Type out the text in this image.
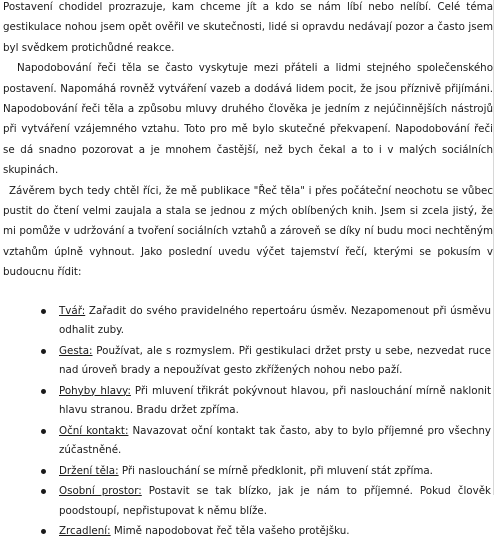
Postavení chodidel prozrazuje, kam chceme jít a kdo se nám líbí nebo nelíbí. Celé téma gestikulace nohou jsem opět ověřil ve skutečnosti, lidé si opravdu nedávají pozor a často jsem byl svědkem protichůdné reakce.

Napodobování řeči těla se často vyskytuje mezi přáteli a lidmi stejného společenského postavení. Napomáhá rovněž vytváření vazeb a dodává lidem pocit, že jsou příznivě přijímáni. Napodobování řeči těla a způsobu mluvy druhého člověka je jedním z nejúčinnějších nástrojů při vytváření vzájemného vztahu. Toto pro mě bylo skutečné překvapení. Napodobování řeči se dá snadno pozorovat a je mnohem častější, než bych čekal a to i v malých sociálních skupinách.

Závěrem bych tedy chtěl říci, že mě publikace "Řeč těla" i přes počáteční neochotu se vůbec pustit do čtení velmi zaujala a stala se jednou z mých oblíbených knih. Jsem si zcela jistý, že mi pomůže v udržování a tvoření sociálních vztahů a zároveň se díky ní budu moci nechtěným vztahům úplně vyhnout. Jako poslední uvedu výčet tajemství řečí, kterými se pokusím v budoucnu řídit:

Tvář: Zařadit do svého pravidelného repertoáru úsměv. Nezapomenout při úsměvu odhalit zuby.
Gesta: Používat, ale s rozmyslem. Při gestikulaci držet prsty u sebe, nezvedat ruce nad úroveň brady a nepoužívat gesto zkřížených nohou nebo paží.
Pohyby hlavy: Při mluvení třikrát pokývnout hlavou, při naslouchání mírně naklonit hlavu stranou. Bradu držet zpříma.
Oční kontakt: Navazovat oční kontakt tak často, aby to bylo příjemné pro všechny zúčastněné.
Držení těla: Při naslouchání se mírně předklonit, při mluvení stát zpříma.
Osobní prostor: Postavit se tak blízko, jak je nám to příjemné. Pokud člověk poodstoupí, nepřistupovat k němu blíže.
Zrcadlení: Mimě napodobovat řeč těla vašeho protějšku.
